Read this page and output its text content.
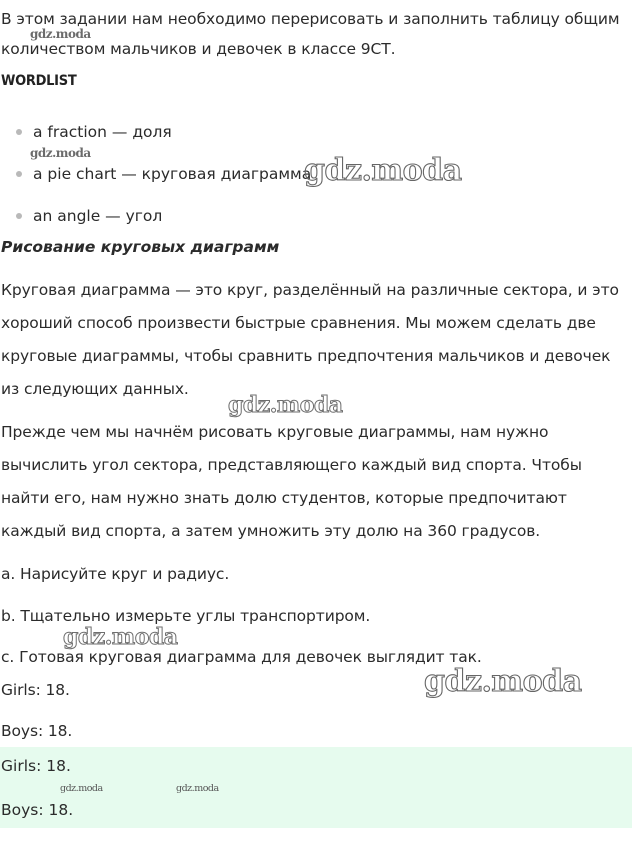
В этом задании нам необходимо перерисовать и заполнить таблицу общим количеством мальчиков и девочек в классе 9СТ.

WORDLIST
a fraction — доля
a pie chart — круговая диаграмма
an angle — угол
Рисование круговых диаграмм

Круговая диаграмма — это круг, разделённый на различные сектора, и это хороший способ произвести быстрые сравнения. Мы можем сделать две круговые диаграммы, чтобы сравнить предпочтения мальчиков и девочек из следующих данных.

Прежде чем мы начнём рисовать круговые диаграммы, нам нужно вычислить угол сектора, представляющего каждый вид спорта. Чтобы найти его, нам нужно знать долю студентов, которые предпочитают каждый вид спорта, а затем умножить эту долю на 360 градусов.

a. Нарисуйте круг и радиус.

b. Тщательно измерьте углы транспортиром.

c. Готовая круговая диаграмма для девочек выглядит так.

Girls: 18.

Boys: 18.

Girls: 18.

Boys: 18.

gdz.moda	gdz.moda
gdz.moda
gdz.moda	gdz.moda
gdz.moda
gdz.moda
gdz.moda
